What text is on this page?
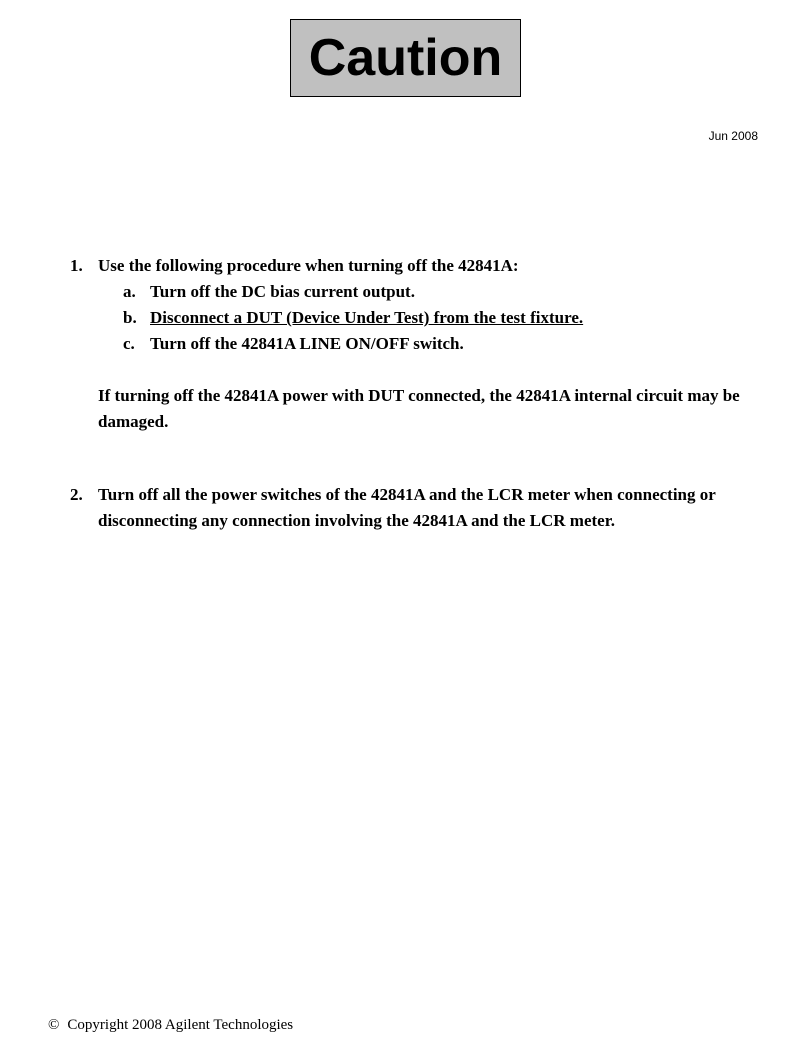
Caution
Jun 2008
1. Use the following procedure when turning off the 42841A:
a. Turn off the DC bias current output.
b. Disconnect a DUT (Device Under Test) from the test fixture.
c. Turn off the 42841A LINE ON/OFF switch.
If turning off the 42841A power with DUT connected, the 42841A internal circuit may be damaged.
2. Turn off all the power switches of the 42841A and the LCR meter when connecting or disconnecting any connection involving the 42841A and the LCR meter.
© Copyright 2008 Agilent Technologies
